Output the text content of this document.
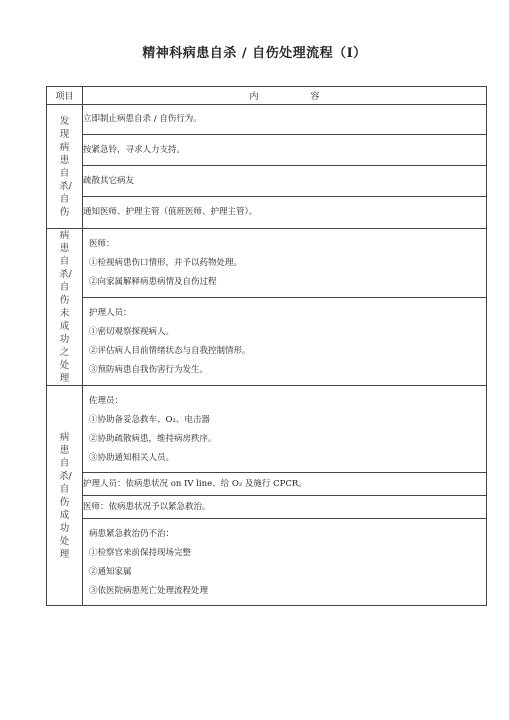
精神科病患自杀 / 自伤处理流程（I）
项目	内容
发现病患自杀/自伤	立即制止病患自杀 / 自伤行为。
	按紧急铃，寻求人力支持。
	疏散其它病友
	通知医师、护理主管（值班医师、护理主管）。
病患自杀/自伤未成功之处理	医师：
①检视病患伤口情形，并予以药物处理。
②向家属解释病患病情及自伤过程

	护理人员：
①密切观察探视病人。
②评估病人目前情绪状态与自我控制情形。
③预防病患自我伤害行为发生。

病患自杀/自伤成功处理	佐理员：
①协助备妥急救车、O₂、电击器
②协助疏散病患，维持病房秩序。
③协助通知相关人员。

	护理人员：依病患状况 on IV line、给 O₂ 及施行 CPCR。
	医师：依病患状况予以紧急救治。

	病患紧急救治仍不治：
①检察官来前保持现场完整
②通知家属
③依医院病患死亡处理流程处理
